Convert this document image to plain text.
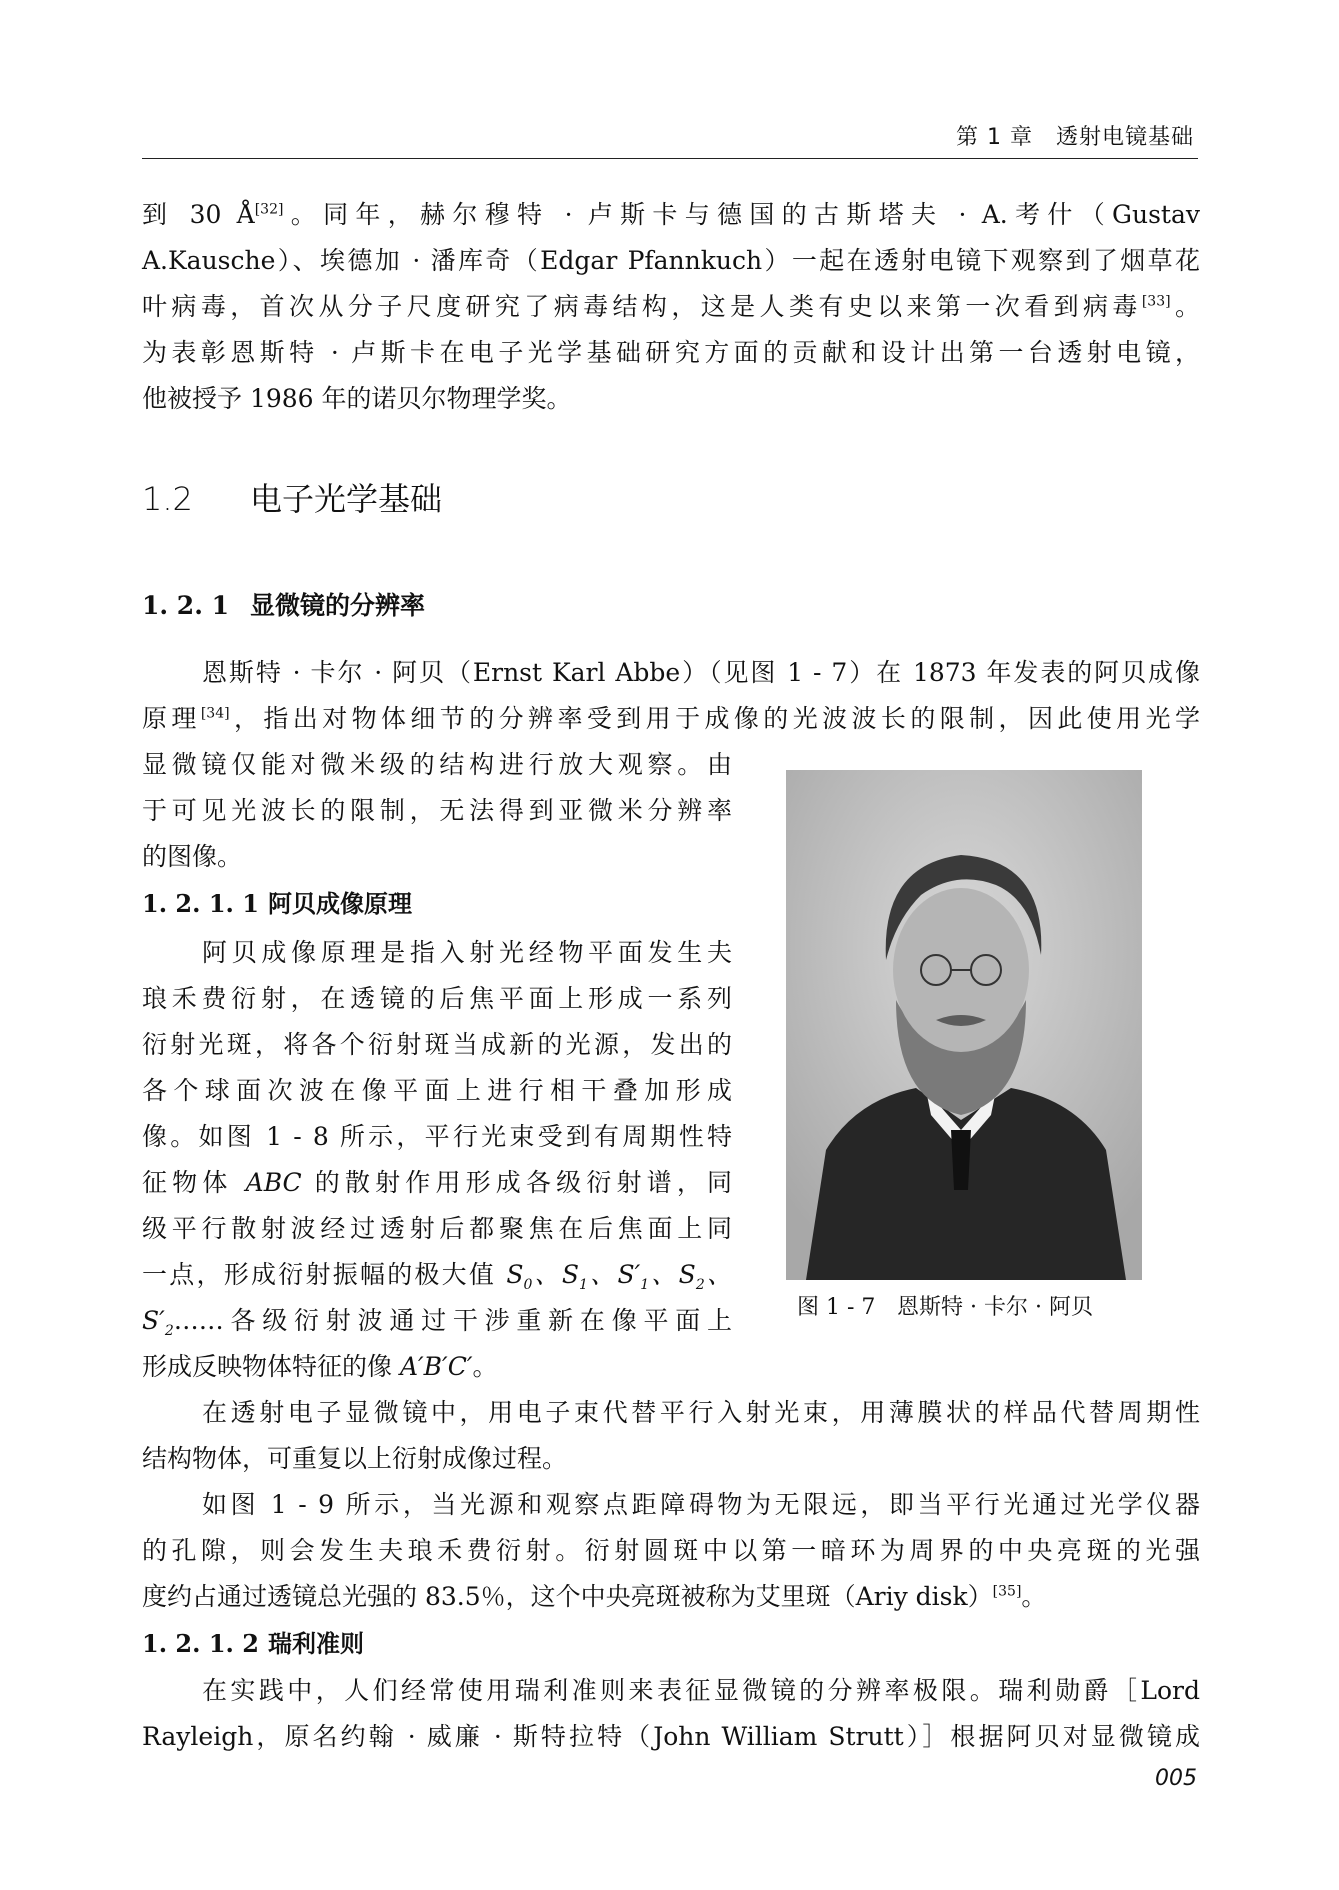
第 1 章　透射电镜基础
到 30 Å[32]。同年，赫尔穆特 · 卢斯卡与德国的古斯塔夫 · A.考什（Gustav
A.Kausche）、埃德加 · 潘库奇（Edgar Pfannkuch）一起在透射电镜下观察到了烟草花
叶病毒，首次从分子尺度研究了病毒结构，这是人类有史以来第一次看到病毒[33]。
为表彰恩斯特 · 卢斯卡在电子光学基础研究方面的贡献和设计出第一台透射电镜，
他被授予 1986 年的诺贝尔物理学奖。
1.2 电子光学基础
1. 2. 1 显微镜的分辨率
恩斯特 · 卡尔 · 阿贝（Ernst Karl Abbe）（见图 1 - 7）在 1873 年发表的阿贝成像
原理[34]，指出对物体细节的分辨率受到用于成像的光波波长的限制，因此使用光学
显微镜仅能对微米级的结构进行放大观察。由
于可见光波长的限制，无法得到亚微米分辨率
的图像。
1. 2. 1. 1 阿贝成像原理
阿贝成像原理是指入射光经物平面发生夫
琅禾费衍射，在透镜的后焦平面上形成一系列
衍射光斑，将各个衍射斑当成新的光源，发出的
各个球面次波在像平面上进行相干叠加形成
像。如图 1 - 8 所示，平行光束受到有周期性特
征物体 ABC 的散射作用形成各级衍射谱，同
级平行散射波经过透射后都聚焦在后焦面上同
一点，形成衍射振幅的极大值 $S_0$、$S_1$、$S'_1$、$S_2$、
$S'_2\dots\dots$各级衍射波通过干涉重新在像平面上
形成反映物体特征的像 A′B′C′。
图 1 - 7 恩斯特 · 卡尔 · 阿贝
在透射电子显微镜中，用电子束代替平行入射光束，用薄膜状的样品代替周期性
结构物体，可重复以上衍射成像过程。
如图 1 - 9 所示，当光源和观察点距障碍物为无限远，即当平行光通过光学仪器
的孔隙，则会发生夫琅禾费衍射。衍射圆斑中以第一暗环为周界的中央亮斑的光强
度约占通过透镜总光强的 83.5％，这个中央亮斑被称为艾里斑（Ariy disk）[35]。
1. 2. 1. 2 瑞利准则
在实践中，人们经常使用瑞利准则来表征显微镜的分辨率极限。瑞利勋爵［Lord
Rayleigh，原名约翰 · 威廉 · 斯特拉特（John William Strutt）］根据阿贝对显微镜成
005
